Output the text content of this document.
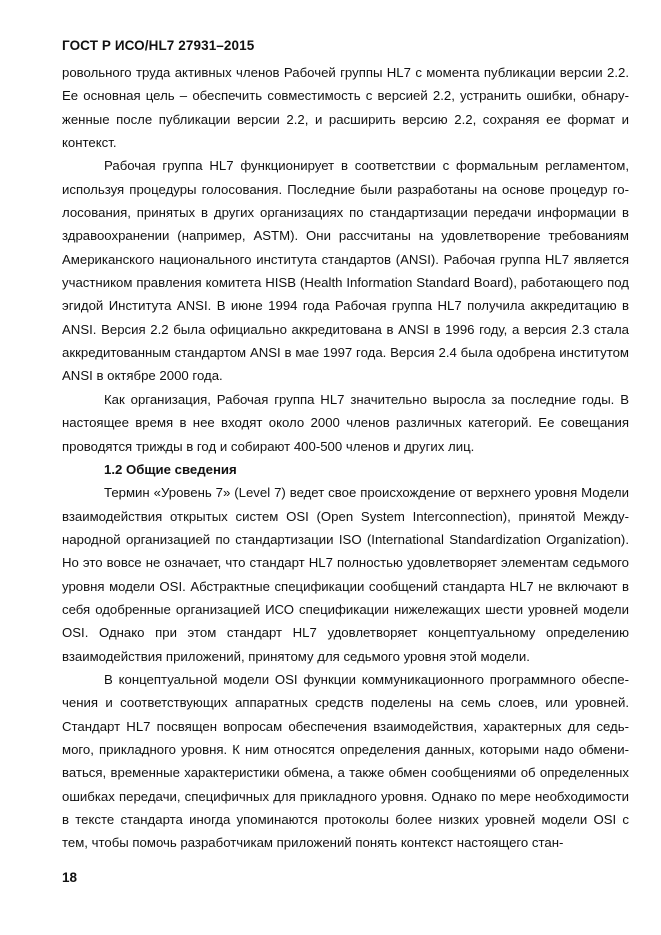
ГОСТ Р ИСО/HL7 27931–2015

ровольного труда активных членов Рабочей группы HL7 с момента публикации версии 2.2. Ее основная цель – обеспечить совместимость с версией 2.2, устранить ошибки, обнаруженные после публикации версии 2.2, и расширить версию 2.2, сохраняя ее формат и контекст.

Рабочая группа HL7 функционирует в соответствии с формальным регламентом, используя процедуры голосования. Последние были разработаны на основе процедур голосования, принятых в других организациях по стандартизации передачи информации в здравоохранении (например, ASTM). Они рассчитаны на удовлетворение требованиям Американского национального института стандартов (ANSI). Рабочая группа HL7 является участником правления комитета HISB (Health Information Standard Board), работающего под эгидой Института ANSI. В июне 1994 года Рабочая группа HL7 получила аккредитацию в ANSI. Версия 2.2 была официально аккредитована в ANSI в 1996 году, а версия 2.3 стала аккредитованным стандартом ANSI в мае 1997 года. Версия 2.4 была одобрена институтом ANSI в октябре 2000 года.

Как организация, Рабочая группа HL7 значительно выросла за последние годы. В настоящее время в нее входят около 2000 членов различных категорий. Ее совещания проводятся трижды в год и собирают 400-500 членов и других лиц.

1.2 Общие сведения

Термин «Уровень 7» (Level 7) ведет свое происхождение от верхнего уровня Модели взаимодействия открытых систем OSI (Open System Interconnection), принятой Международной организацией по стандартизации ISO (International Standardization Organization). Но это вовсе не означает, что стандарт HL7 полностью удовлетворяет элементам седьмого уровня модели OSI. Абстрактные спецификации сообщений стандарта HL7 не включают в себя одобренные организацией ИСО спецификации нижележащих шести уровней модели OSI. Однако при этом стандарт HL7 удовлетворяет концептуальному определению взаимодействия приложений, принятому для седьмого уровня этой модели.

В концептуальной модели OSI функции коммуникационного программного обеспечения и соответствующих аппаратных средств поделены на семь слоев, или уровней. Стандарт HL7 посвящен вопросам обеспечения взаимодействия, характерных для седьмого, прикладного уровня. К ним относятся определения данных, которыми надо обмениваться, временные характеристики обмена, а также обмен сообщениями об определенных ошибках передачи, специфичных для прикладного уровня. Однако по мере необходимости в тексте стандарта иногда упоминаются протоколы более низких уровней модели OSI с тем, чтобы помочь разработчикам приложений понять контекст настоящего стан-

18
